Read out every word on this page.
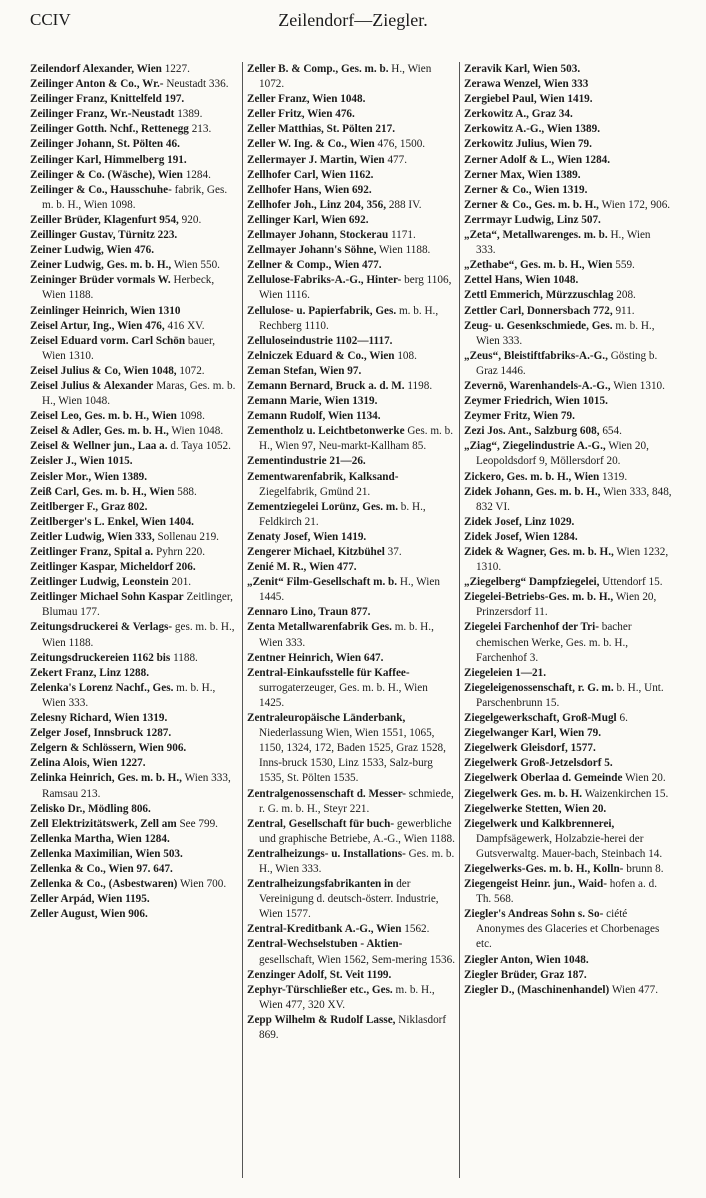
CCIV	Zeilendorf—Ziegler.

Zeilendorf Alexander, Wien 1227.

Zeilinger Anton & Co., Wr.- Neustadt 336.

Zeilinger Franz, Knittelfeld 197.

Zeilinger Franz, Wr.-Neustadt 1389.

Zeilinger Gotth. Nchf., Rettenegg 213.

Zeilinger Johann, St. Pölten 46.

Zeilinger Karl, Himmelberg 191.

Zeilinger & Co. (Wäsche), Wien 1284.

Zeilinger & Co., Hausschuhe- fabrik, Ges. m. b. H., Wien 1098.

Zeiller Brüder, Klagenfurt 954, 920.

Zeillinger Gustav, Türnitz 223.

Zeiner Ludwig, Wien 476.

Zeiner Ludwig, Ges. m. b. H., Wien 550.

Zeininger Brüder vormals W. Herbeck, Wien 1188.

Zeinlinger Heinrich, Wien 1310

Zeisel Artur, Ing., Wien 476, 416 XV.

Zeisel Eduard vorm. Carl Schön bauer, Wien 1310.

Zeisel Julius & Co, Wien 1048, 1072.

Zeisel Julius & Alexander Maras, Ges. m. b. H., Wien 1048.

Zeisel Leo, Ges. m. b. H., Wien 1098.

Zeisel & Adler, Ges. m. b. H., Wien 1048.

Zeisel & Wellner jun., Laa a. d. Taya 1052.

Zeisler J., Wien 1015.

Zeisler Mor., Wien 1389.

Zeiß Carl, Ges. m. b. H., Wien 588.

Zeitlberger F., Graz 802.

Zeitlberger's L. Enkel, Wien 1404.

Zeitler Ludwig, Wien 333, Sollenau 219.

Zeitlinger Franz, Spital a. Pyhrn 220.

Zeitlinger Kaspar, Micheldorf 206.

Zeitlinger Ludwig, Leonstein 201.

Zeitlinger Michael Sohn Kaspar Zeitlinger, Blumau 177.

Zeitungsdruckerei & Verlags- ges. m. b. H., Wien 1188.

Zeitungsdruckereien 1162 bis 1188.

Zekert Franz, Linz 1288.

Zelenka's Lorenz Nachf., Ges. m. b. H., Wien 333.

Zelesny Richard, Wien 1319.

Zelger Josef, Innsbruck 1287.

Zelgern & Schlössern, Wien 906.

Zelina Alois, Wien 1227.

Zelinka Heinrich, Ges. m. b. H., Wien 333, Ramsau 213.

Zelisko Dr., Mödling 806.

Zell Elektrizitätswerk, Zell am See 799.

Zellenka Martha, Wien 1284.

Zellenka Maximilian, Wien 503.

Zellenka & Co., Wien 97. 647.

Zellenka & Co., (Asbestwaren) Wien 700.

Zeller Arpád, Wien 1195.

Zeller August, Wien 906.

Zeller B. & Comp., Ges. m. b. H., Wien 1072.

Zeller Franz, Wien 1048.

Zeller Fritz, Wien 476.

Zeller Matthias, St. Pölten 217.

Zeller W. Ing. & Co., Wien 476, 1500.

Zellermayer J. Martin, Wien 477.

Zellhofer Carl, Wien 1162.

Zellhofer Hans, Wien 692.

Zellhofer Joh., Linz 204, 356, 288 IV.

Zellinger Karl, Wien 692.

Zellmayer Johann, Stockerau 1171.

Zellmayer Johann's Söhne, Wien 1188.

Zellner & Comp., Wien 477.

Zellulose-Fabriks-A.-G., Hinter- berg 1106, Wien 1116.

Zellulose- u. Papierfabrik, Ges. m. b. H., Rechberg 1110.

Zelluloseindustrie 1102—1117.

Zelniczek Eduard & Co., Wien 108.

Zeman Stefan, Wien 97.

Zemann Bernard, Bruck a. d. M. 1198.

Zemann Marie, Wien 1319.

Zemann Rudolf, Wien 1134.

Zementholz u. Leichtbetonwerke Ges. m. b. H., Wien 97, Neu-markt-Kallham 85.

Zementindustrie 21—26.

Zementwarenfabrik, Kalksand- Ziegelfabrik, Gmünd 21.

Zementziegelei Lorünz, Ges. m. b. H., Feldkirch 21.

Zenaty Josef, Wien 1419.

Zengerer Michael, Kitzbühel 37.

Zenié M. R., Wien 477.

„Zenit“ Film-Gesellschaft m. b. H., Wien 1445.

Zennaro Lino, Traun 877.

Zenta Metallwarenfabrik Ges. m. b. H., Wien 333.

Zentner Heinrich, Wien 647.

Zentral-Einkaufsstelle für Kaffee- surrogaterzeuger, Ges. m. b. H., Wien 1425.

Zentraleuropäische Länderbank, Niederlassung Wien, Wien 1551, 1065, 1150, 1324, 172, Baden 1525, Graz 1528, Inns-bruck 1530, Linz 1533, Salz-burg 1535, St. Pölten 1535.

Zentralgenossenschaft d. Messer- schmiede, r. G. m. b. H., Steyr 221.

Zentral, Gesellschaft für buch- gewerbliche und graphische Betriebe, A.-G., Wien 1188.

Zentralheizungs- u. Installations- Ges. m. b. H., Wien 333.

Zentralheizungsfabrikanten in der Vereinigung d. deutsch-österr. Industrie, Wien 1577.

Zentral-Kreditbank A.-G., Wien 1562.

Zentral-Wechselstuben - Aktien- gesellschaft, Wien 1562, Sem-mering 1536.

Zenzinger Adolf, St. Veit 1199.

Zephyr-Türschließer etc., Ges. m. b. H., Wien 477, 320 XV.

Zepp Wilhelm & Rudolf Lasse, Niklasdorf 869.

Zeravik Karl, Wien 503.

Zerawa Wenzel, Wien 333

Zergiebel Paul, Wien 1419.

Zerkowitz A., Graz 34.

Zerkowitz A.-G., Wien 1389.

Zerkowitz Julius, Wien 79.

Zerner Adolf & L., Wien 1284.

Zerner Max, Wien 1389.

Zerner & Co., Wien 1319.

Zerner & Co., Ges. m. b. H., Wien 172, 906.

Zerrmayr Ludwig, Linz 507.

„Zeta“, Metallwarenges. m. b. H., Wien 333.

„Zethabe“, Ges. m. b. H., Wien 559.

Zettel Hans, Wien 1048.

Zettl Emmerich, Mürzzuschlag 208.

Zettler Carl, Donnersbach 772, 911.

Zeug- u. Gesenkschmiede, Ges. m. b. H., Wien 333.

„Zeus“, Bleistiftfabriks-A.-G., Gösting b. Graz 1446.

Zevernö, Warenhandels-A.-G., Wien 1310.

Zeymer Friedrich, Wien 1015.

Zeymer Fritz, Wien 79.

Zezi Jos. Ant., Salzburg 608, 654.

„Ziag“, Ziegelindustrie A.-G., Wien 20, Leopoldsdorf 9, Möllersdorf 20.

Zickero, Ges. m. b. H., Wien 1319.

Zidek Johann, Ges. m. b. H., Wien 333, 848, 832 VI.

Zidek Josef, Linz 1029.

Zidek Josef, Wien 1284.

Zidek & Wagner, Ges. m. b. H., Wien 1232, 1310.

„Ziegelberg“ Dampfziegelei, Uttendorf 15.

Ziegelei-Betriebs-Ges. m. b. H., Wien 20, Prinzersdorf 11.

Ziegelei Farchenhof der Tri- bacher chemischen Werke, Ges. m. b. H., Farchenhof 3.

Ziegeleien 1—21.

Ziegeleigenossenschaft, r. G. m. b. H., Unt. Parschenbrunn 15.

Ziegelgewerkschaft, Groß-Mugl 6.

Ziegelwanger Karl, Wien 79.

Ziegelwerk Gleisdorf, 1577.

Ziegelwerk Groß-Jetzelsdorf 5.

Ziegelwerk Oberlaa d. Gemeinde Wien 20.

Ziegelwerk Ges. m. b. H. Waizenkirchen 15.

Ziegelwerke Stetten, Wien 20.

Ziegelwerk und Kalkbrennerei, Dampfsägewerk, Holzabzie-herei der Gutsverwaltg. Mauer-bach, Steinbach 14.

Ziegelwerks-Ges. m. b. H., Kolln- brunn 8.

Ziegengeist Heinr. jun., Waid- hofen a. d. Th. 568.

Ziegler's Andreas Sohn s. So- ciété Anonymes des Glaceries et Chorbenages etc.

Ziegler Anton, Wien 1048.

Ziegler Brüder, Graz 187.

Ziegler D., (Maschinenhandel) Wien 477.
